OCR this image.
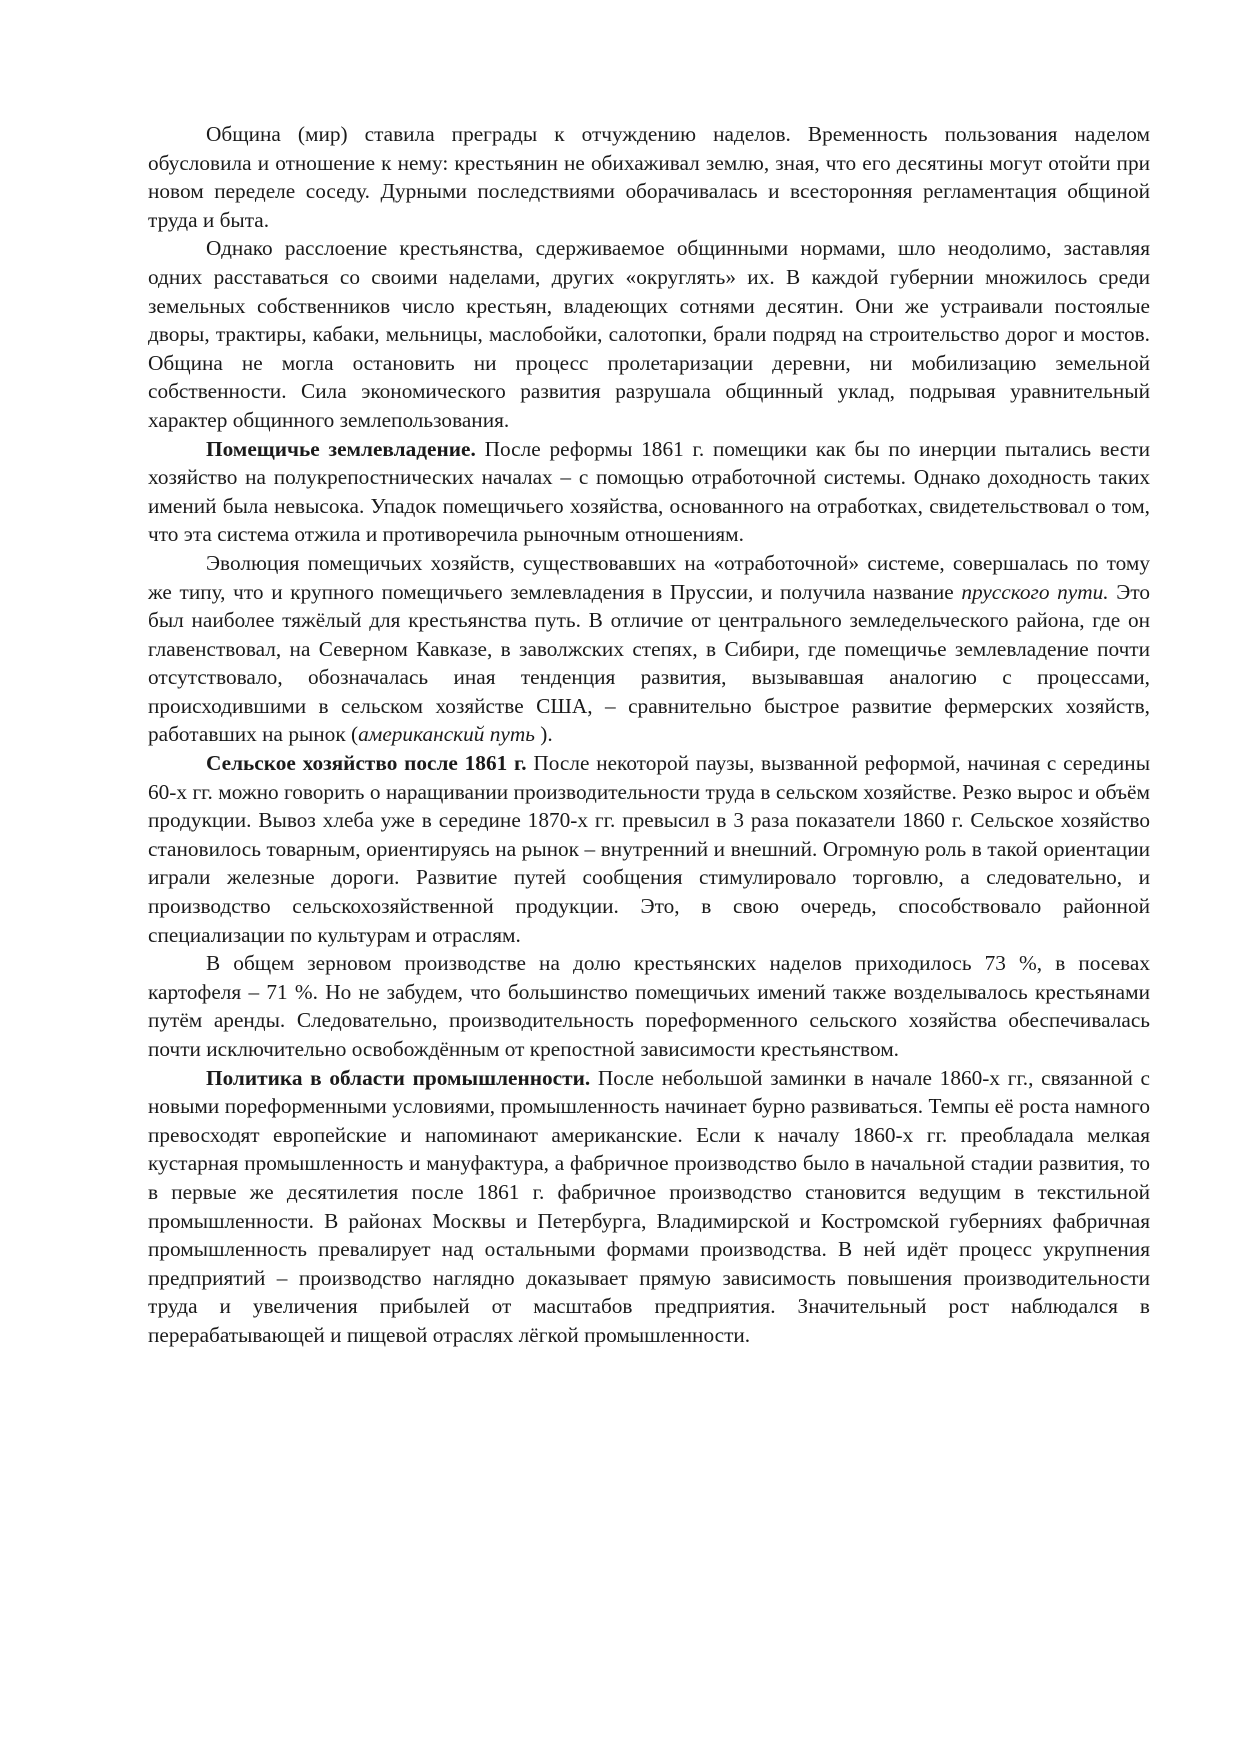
Община (мир) ставила преграды к отчуждению наделов. Временность пользования наделом обусловила и отношение к нему: крестьянин не обихаживал землю, зная, что его десятины могут отойти при новом переделе соседу. Дурными последствиями оборачивалась и всесторонняя регламентация общиной труда и быта.

Однако расслоение крестьянства, сдерживаемое общинными нормами, шло неодолимо, заставляя одних расставаться со своими наделами, других «округлять» их. В каждой губернии множилось среди земельных собственников число крестьян, владеющих сотнями десятин. Они же устраивали постоялые дворы, трактиры, кабаки, мельницы, маслобойки, салотопки, брали подряд на строительство дорог и мостов. Община не могла остановить ни процесс пролетаризации деревни, ни мобилизацию земельной собственности. Сила экономического развития разрушала общинный уклад, подрывая уравнительный характер общинного землепользования.

Помещичье землевладение. После реформы 1861 г. помещики как бы по инерции пытались вести хозяйство на полукрепостнических началах – с помощью отработочной системы. Однако доходность таких имений была невысока. Упадок помещичьего хозяйства, основанного на отработках, свидетельствовал о том, что эта система отжила и противоречила рыночным отношениям.

Эволюция помещичьих хозяйств, существовавших на «отработочной» системе, совершалась по тому же типу, что и крупного помещичьего землевладения в Пруссии, и получила название прусского пути. Это был наиболее тяжёлый для крестьянства путь. В отличие от центрального земледельческого района, где он главенствовал, на Северном Кавказе, в заволжских степях, в Сибири, где помещичье землевладение почти отсутствовало, обозначалась иная тенденция развития, вызывавшая аналогию с процессами, происходившими в сельском хозяйстве США, – сравнительно быстрое развитие фермерских хозяйств, работавших на рынок (американский путь ).

Сельское хозяйство после 1861 г. После некоторой паузы, вызванной реформой, начиная с середины 60-х гг. можно говорить о наращивании производительности труда в сельском хозяйстве. Резко вырос и объём продукции. Вывоз хлеба уже в середине 1870-х гг. превысил в 3 раза показатели 1860 г. Сельское хозяйство становилось товарным, ориентируясь на рынок – внутренний и внешний. Огромную роль в такой ориентации играли железные дороги. Развитие путей сообщения стимулировало торговлю, а следовательно, и производство сельскохозяйственной продукции. Это, в свою очередь, способствовало районной специализации по культурам и отраслям.

В общем зерновом производстве на долю крестьянских наделов приходилось 73 %, в посевах картофеля – 71 %. Но не забудем, что большинство помещичьих имений также возделывалось крестьянами путём аренды. Следовательно, производительность пореформенного сельского хозяйства обеспечивалась почти исключительно освобождённым от крепостной зависимости крестьянством.

Политика в области промышленности. После небольшой заминки в начале 1860-х гг., связанной с новыми пореформенными условиями, промышленность начинает бурно развиваться. Темпы её роста намного превосходят европейские и напоминают американские. Если к началу 1860-х гг. преобладала мелкая кустарная промышленность и мануфактура, а фабричное производство было в начальной стадии развития, то в первые же десятилетия после 1861 г. фабричное производство становится ведущим в текстильной промышленности. В районах Москвы и Петербурга, Владимирской и Костромской губерниях фабричная промышленность превалирует над остальными формами производства. В ней идёт процесс укрупнения предприятий – производство наглядно доказывает прямую зависимость повышения производительности труда и увеличения прибылей от масштабов предприятия. Значительный рост наблюдался в перерабатывающей и пищевой отраслях лёгкой промышленности.
